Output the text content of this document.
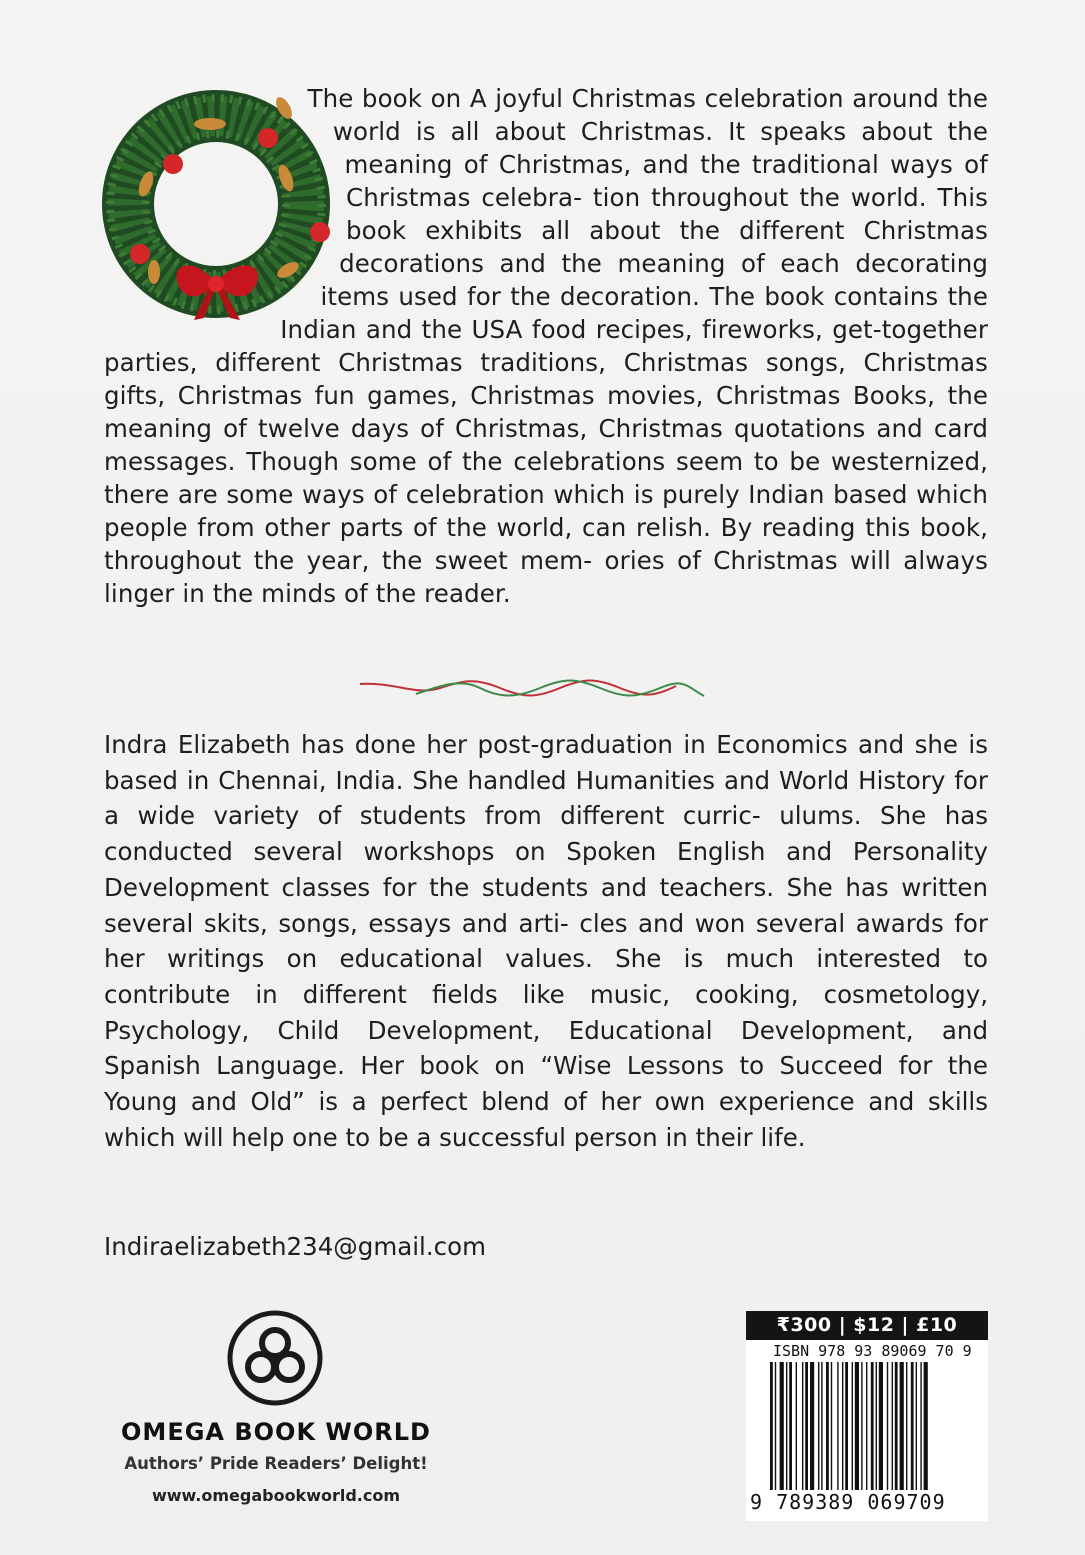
The book on A joyful Christmas celebration around the world is all about Christmas. It speaks about the meaning of Christmas, and the traditional ways of Christmas celebra- tion throughout the world. This book exhibits all about the different Christmas decorations and the meaning of each decorating items used for the decoration. The book contains the Indian and the USA food recipes, fireworks, get-together parties, different Christmas traditions, Christmas songs, Christmas gifts, Christmas fun games, Christmas movies, Christmas Books, the meaning of twelve days of Christmas, Christmas quotations and card messages. Though some of the celebrations seem to be westernized, there are some ways of celebration which is purely Indian based which people from other parts of the world, can relish. By reading this book, throughout the year, the sweet mem- ories of Christmas will always linger in the minds of the reader.
Indra Elizabeth has done her post-graduation in Economics and she is based in Chennai, India. She handled Humanities and World History for a wide variety of students from different curric- ulums. She has conducted several workshops on Spoken English and Personality Development classes for the students and teachers. She has written several skits, songs, essays and arti- cles and won several awards for her writings on educational values. She is much interested to contribute in different fields like music, cooking, cosmetology, Psychology, Child Development, Educational Development, and Spanish Language. Her book on “Wise Lessons to Succeed for the Young and Old” is a perfect blend of her own experience and skills which will help one to be a successful person in their life.
Indiraelizabeth234@gmail.com
OMEGA BOOK WORLD
Authors’ Pride Readers’ Delight!
www.omegabookworld.com
₹300 | $12 | £10
ISBN 978 93 89069 70 9
9 789389 069709
